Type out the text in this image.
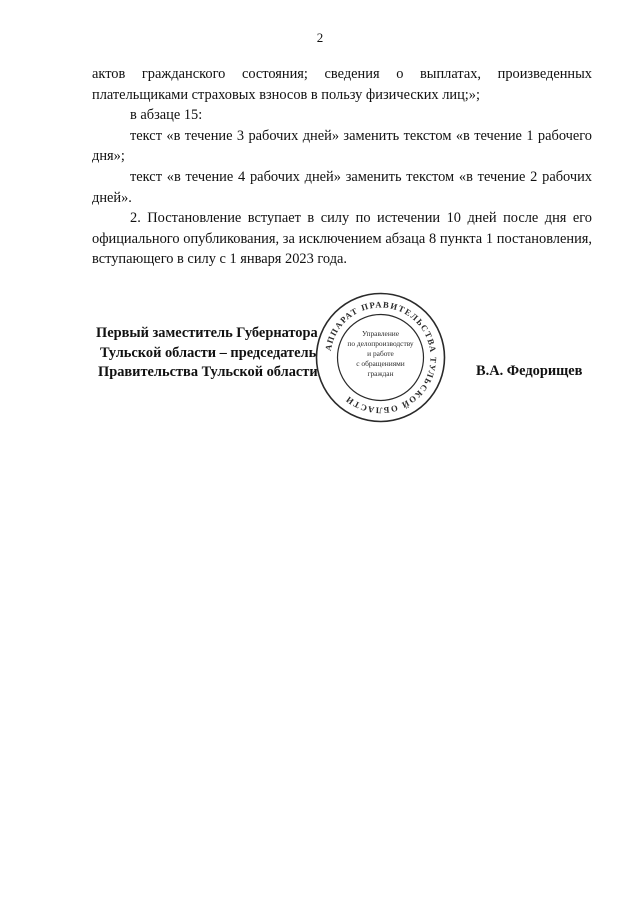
2

актов гражданского состояния; сведения о выплатах, произведенных плательщиками страховых взносов в пользу физических лиц;»;

в абзаце 15:

текст «в течение 3 рабочих дней» заменить текстом «в течение 1 рабочего дня»;

текст «в течение 4 рабочих дней» заменить текстом «в течение 2 рабочих дней».

2. Постановление вступает в силу по истечении 10 дней после дня его официального опубликования, за исключением абзаца 8 пункта 1 постановления, вступающего в силу с 1 января 2023 года.

Первый заместитель Губернатора
Тульской области – председатель
Правительства Тульской области	В.А. Федорищев
АППАРАТ ПРАВИТЕЛЬСТВА ТУЛЬСКОЙ ОБЛАСТИ
Управление
по делопроизводству
и работе
с обращениями
граждан
